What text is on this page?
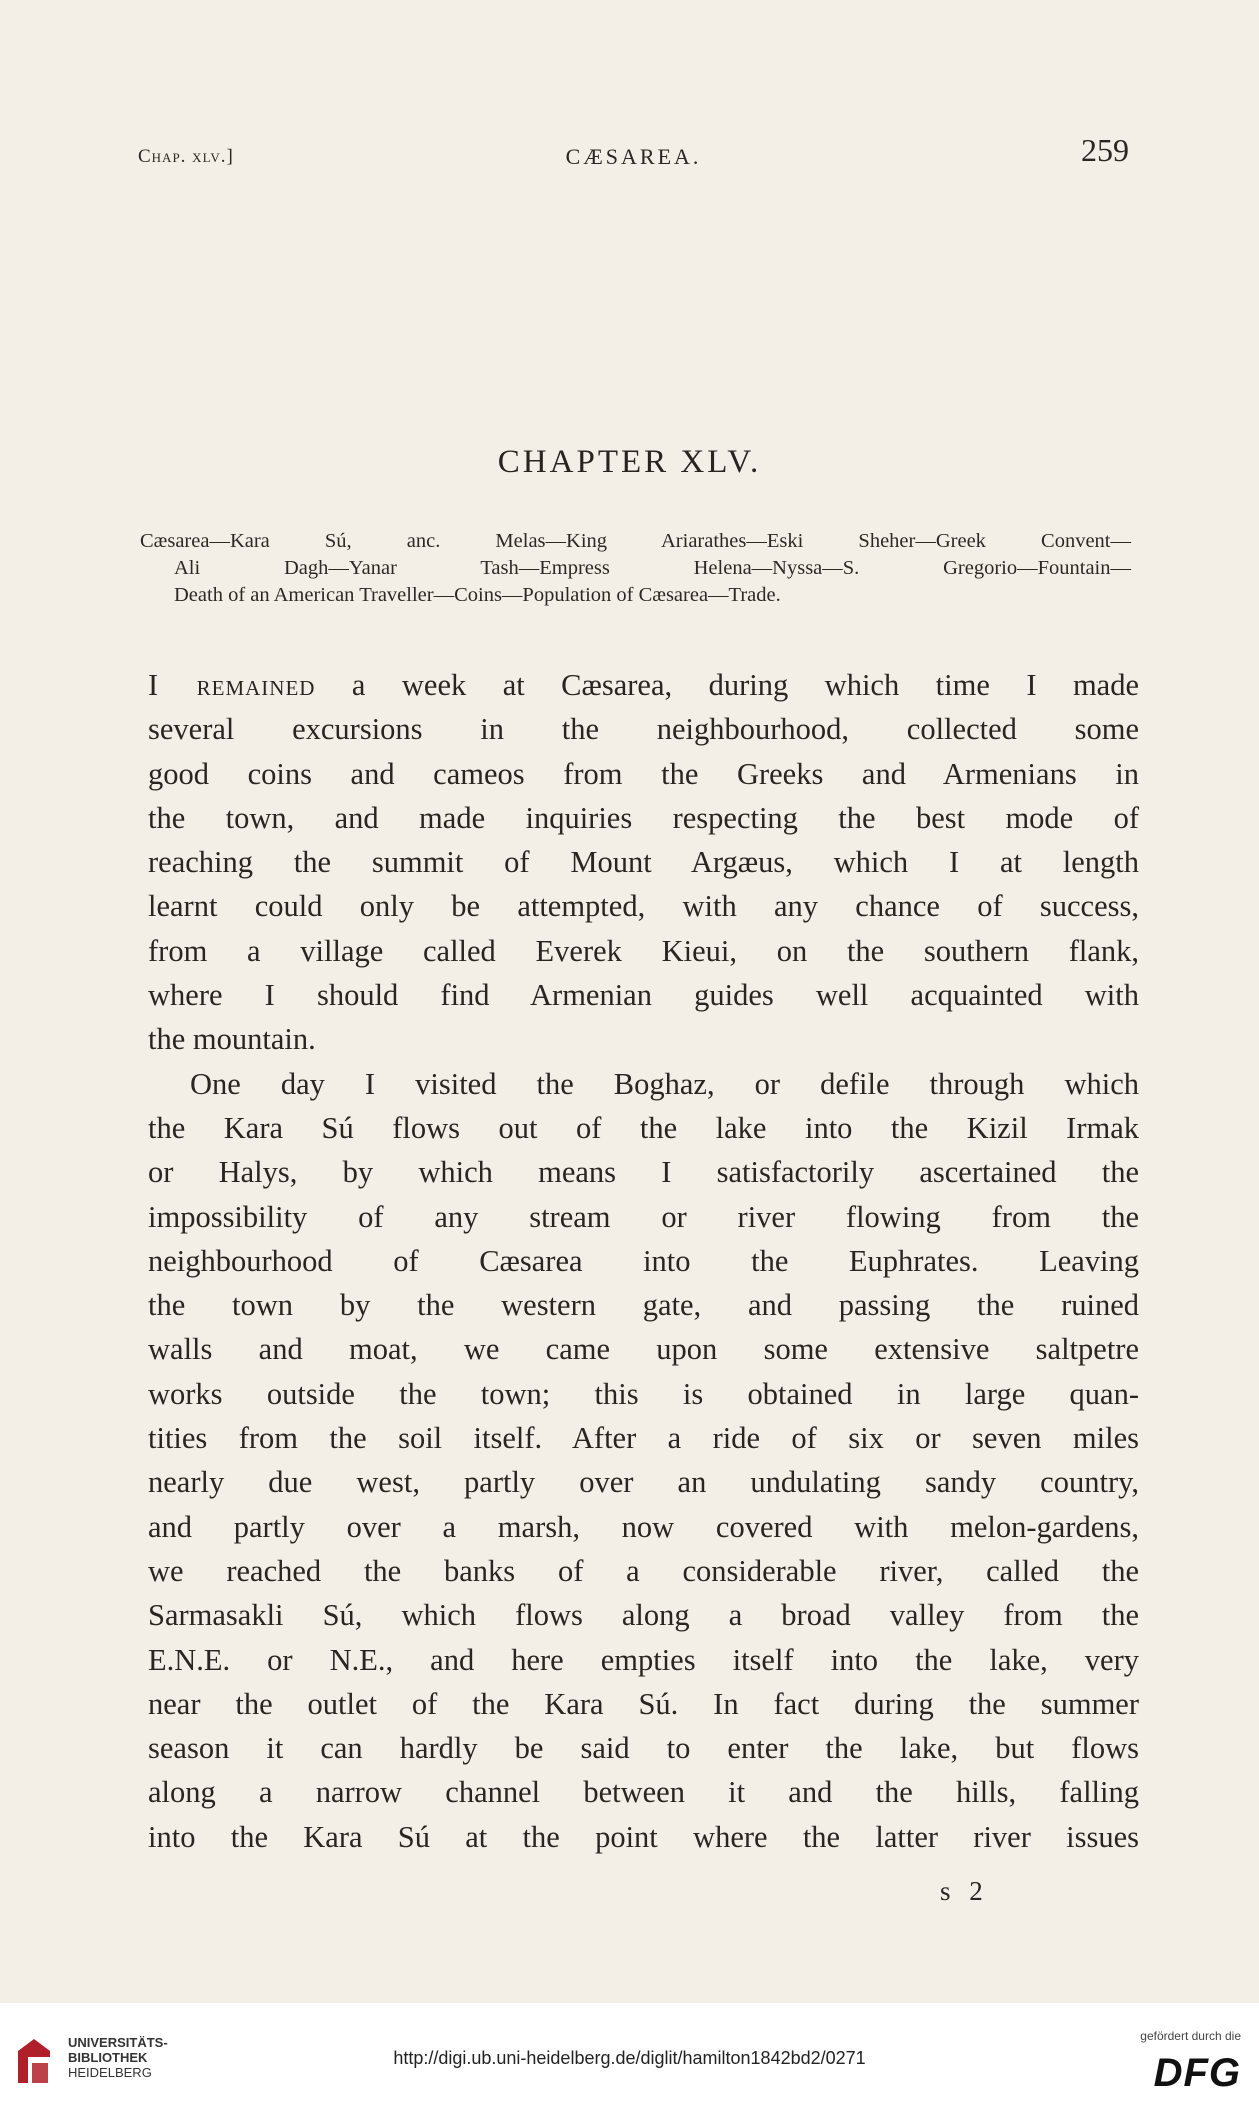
Chap. xlv.]	CÆSAREA.	259
CHAPTER XLV.
Cæsarea—Kara Sú, anc. Melas—King Ariarathes—Eski Sheher—Greek Convent—
Ali Dagh—Yanar Tash—Empress Helena—Nyssa—S. Gregorio—Fountain—
Death of an American Traveller—Coins—Population of Cæsarea—Trade.
I remained a week at Cæsarea, during which time I made
several excursions in the neighbourhood, collected some
good coins and cameos from the Greeks and Armenians in
the town, and made inquiries respecting the best mode of
reaching the summit of Mount Argæus, which I at length
learnt could only be attempted, with any chance of success,
from a village called Everek Kieui, on the southern flank,
where I should find Armenian guides well acquainted with
the mountain.
One day I visited the Boghaz, or defile through which
the Kara Sú flows out of the lake into the Kizil Irmak
or Halys, by which means I satisfactorily ascertained the
impossibility of any stream or river flowing from the
neighbourhood of Cæsarea into the Euphrates. Leaving
the town by the western gate, and passing the ruined
walls and moat, we came upon some extensive saltpetre
works outside the town; this is obtained in large quan-
tities from the soil itself. After a ride of six or seven miles
nearly due west, partly over an undulating sandy country,
and partly over a marsh, now covered with melon-gardens,
we reached the banks of a considerable river, called the
Sarmasakli Sú, which flows along a broad valley from the
E.N.E. or N.E., and here empties itself into the lake, very
near the outlet of the Kara Sú. In fact during the summer
season it can hardly be said to enter the lake, but flows
along a narrow channel between it and the hills, falling
into the Kara Sú at the point where the latter river issues
s 2
UNIVERSITÄTS-
BIBLIOTHEK
HEIDELBERG
http://digi.ub.uni-heidelberg.de/diglit/hamilton1842bd2/0271
gefördert durch die
DFG
